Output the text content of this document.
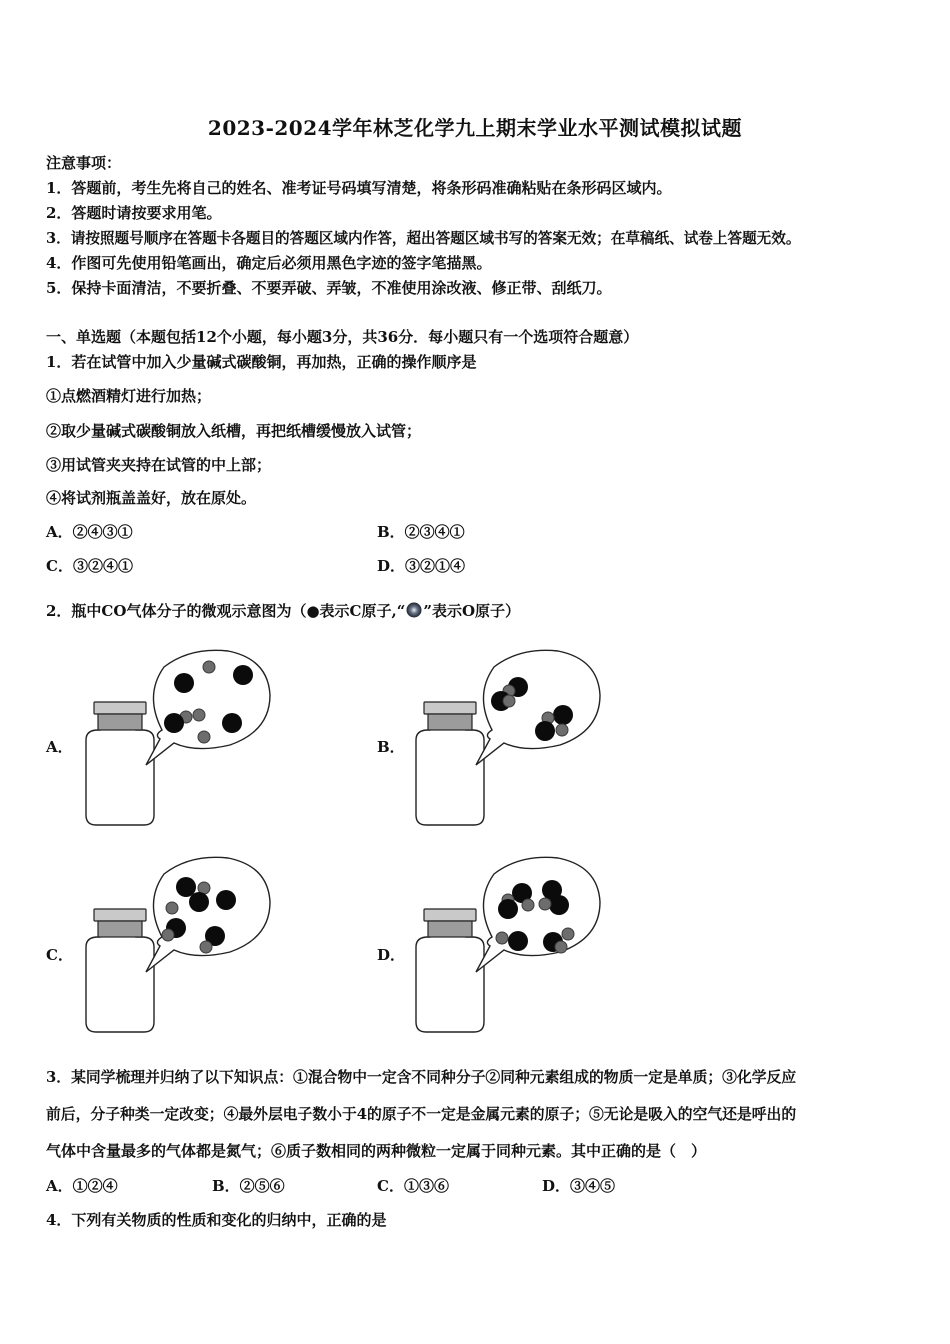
2023-2024学年林芝化学九上期末学业水平测试模拟试题
注意事项：
1．答题前，考生先将自己的姓名、准考证号码填写清楚，将条形码准确粘贴在条形码区域内。
2．答题时请按要求用笔。
3．请按照题号顺序在答题卡各题目的答题区域内作答，超出答题区域书写的答案无效；在草稿纸、试卷上答题无效。
4．作图可先使用铅笔画出，确定后必须用黑色字迹的签字笔描黑。
5．保持卡面清洁，不要折叠、不要弄破、弄皱，不准使用涂改液、修正带、刮纸刀。
一、单选题（本题包括12个小题，每小题3分，共36分．每小题只有一个选项符合题意）
1．若在试管中加入少量碱式碳酸铜，再加热，正确的操作顺序是
①点燃酒精灯进行加热；
②取少量碱式碳酸铜放入纸槽，再把纸槽缓慢放入试管；
③用试管夹夹持在试管的中上部；
④将试剂瓶盖盖好，放在原处。
A．②④③①	B．②③④①
C．③②④①	D．③②①④
2．瓶中CO气体分子的微观示意图为（●表示C原子,“ ”表示O原子）
A．	B．
C．	D．
3．某同学梳理并归纳了以下知识点：①混合物中一定含不同种分子②同种元素组成的物质一定是单质；③化学反应
前后，分子种类一定改变；④最外层电子数小于4的原子不一定是金属元素的原子；⑤无论是吸入的空气还是呼出的
气体中含量最多的气体都是氮气；⑥质子数相同的两种微粒一定属于同种元素。其中正确的是（　）
A．①②④	B．②⑤⑥	C．①③⑥	D．③④⑤
4．下列有关物质的性质和变化的归纳中，正确的是
